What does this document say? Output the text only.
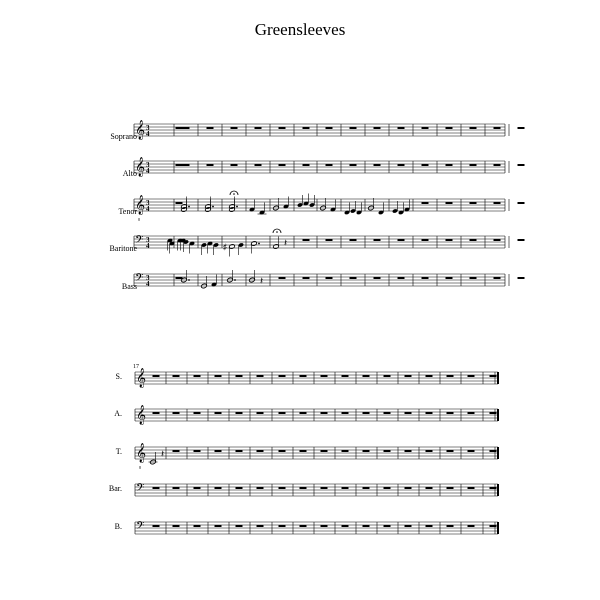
Greensleeves
Soprano
Alto
Tenor
Baritone
Bass
S.
A.
T.
Bar.
B.
𝄞 3
4
𝄞 3
4
𝄞
8
3
4
𝄢 3
4
𝄢 3
4
♯	𝄽
𝄽
𝄞
𝄞
𝄞
8
𝄢
𝄢
𝄽
17
